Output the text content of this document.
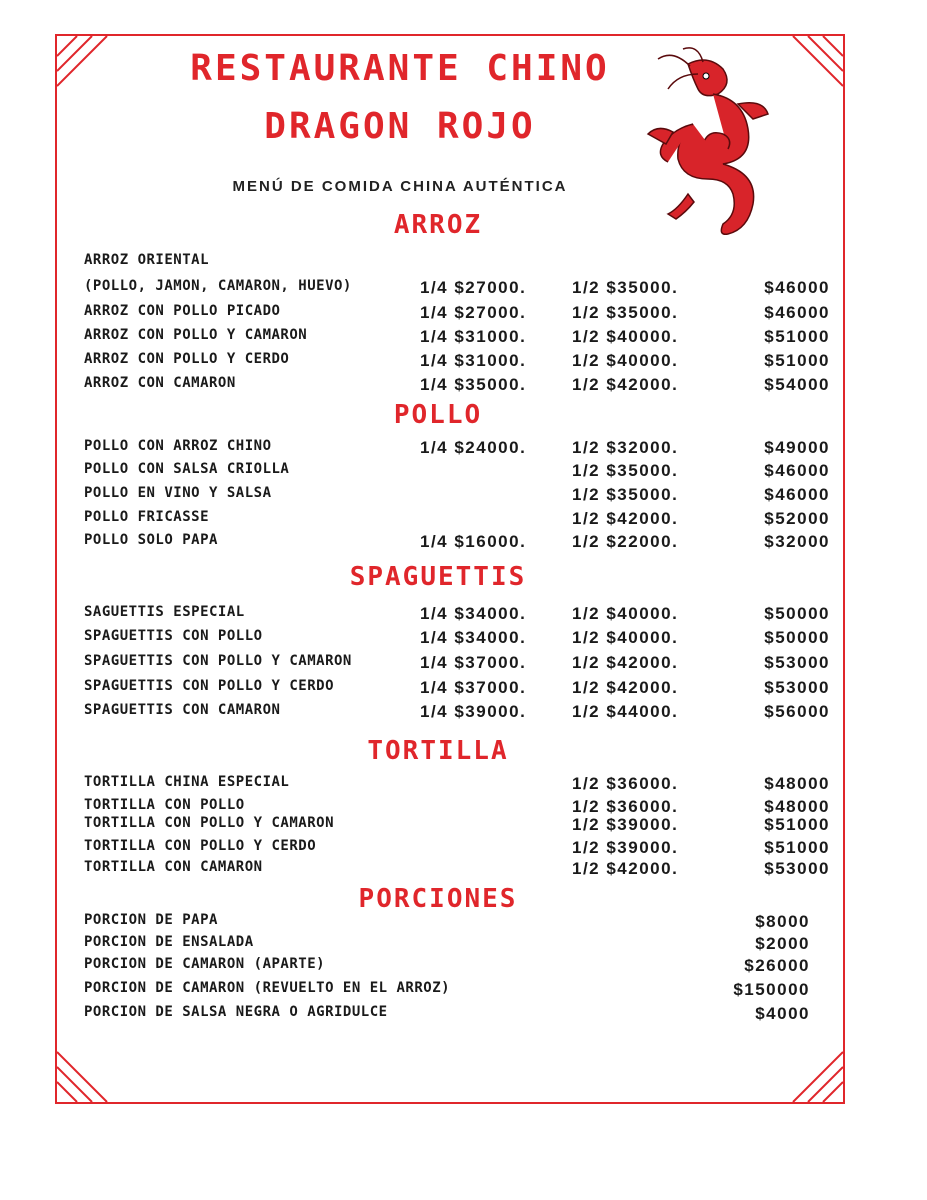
RESTAURANTE CHINO
DRAGON ROJO
MENÚ DE COMIDA CHINA AUTÉNTICA
ARROZ
ARROZ ORIENTAL
(POLLO, JAMON, CAMARON, HUEVO)	1/4 $27000.	1/2 $35000.	$46000
ARROZ CON POLLO PICADO	1/4 $27000.	1/2 $35000.	$46000
ARROZ CON POLLO Y CAMARON	1/4 $31000.	1/2 $40000.	$51000
ARROZ CON POLLO Y CERDO	1/4 $31000.	1/2 $40000.	$51000
ARROZ CON CAMARON	1/4 $35000.	1/2 $42000.	$54000
POLLO
POLLO CON ARROZ CHINO	1/4 $24000.	1/2 $32000.	$49000
POLLO CON SALSA CRIOLLA	1/2 $35000.	$46000
POLLO EN VINO Y SALSA	1/2 $35000.	$46000
POLLO FRICASSE	1/2 $42000.	$52000
POLLO SOLO PAPA	1/4 $16000.	1/2 $22000.	$32000
SPAGUETTIS
SAGUETTIS ESPECIAL	1/4 $34000.	1/2 $40000.	$50000
SPAGUETTIS CON POLLO	1/4 $34000.	1/2 $40000.	$50000
SPAGUETTIS CON POLLO Y CAMARON	1/4 $37000.	1/2 $42000.	$53000
SPAGUETTIS CON POLLO Y CERDO	1/4 $37000.	1/2 $42000.	$53000
SPAGUETTIS CON CAMARON	1/4 $39000.	1/2 $44000.	$56000
TORTILLA
TORTILLA CHINA ESPECIAL	1/2 $36000.	$48000
TORTILLA CON POLLO	1/2 $36000.	$48000
TORTILLA CON POLLO Y CAMARON	1/2 $39000.	$51000
TORTILLA CON POLLO Y CERDO	1/2 $39000.	$51000
TORTILLA CON CAMARON	1/2 $42000.	$53000
PORCIONES
PORCION DE PAPA	$8000
PORCION DE ENSALADA	$2000
PORCION DE CAMARON (APARTE)	$26000
PORCION DE CAMARON (REVUELTO EN EL ARROZ)	$150000
PORCION DE SALSA NEGRA O AGRIDULCE	$4000
